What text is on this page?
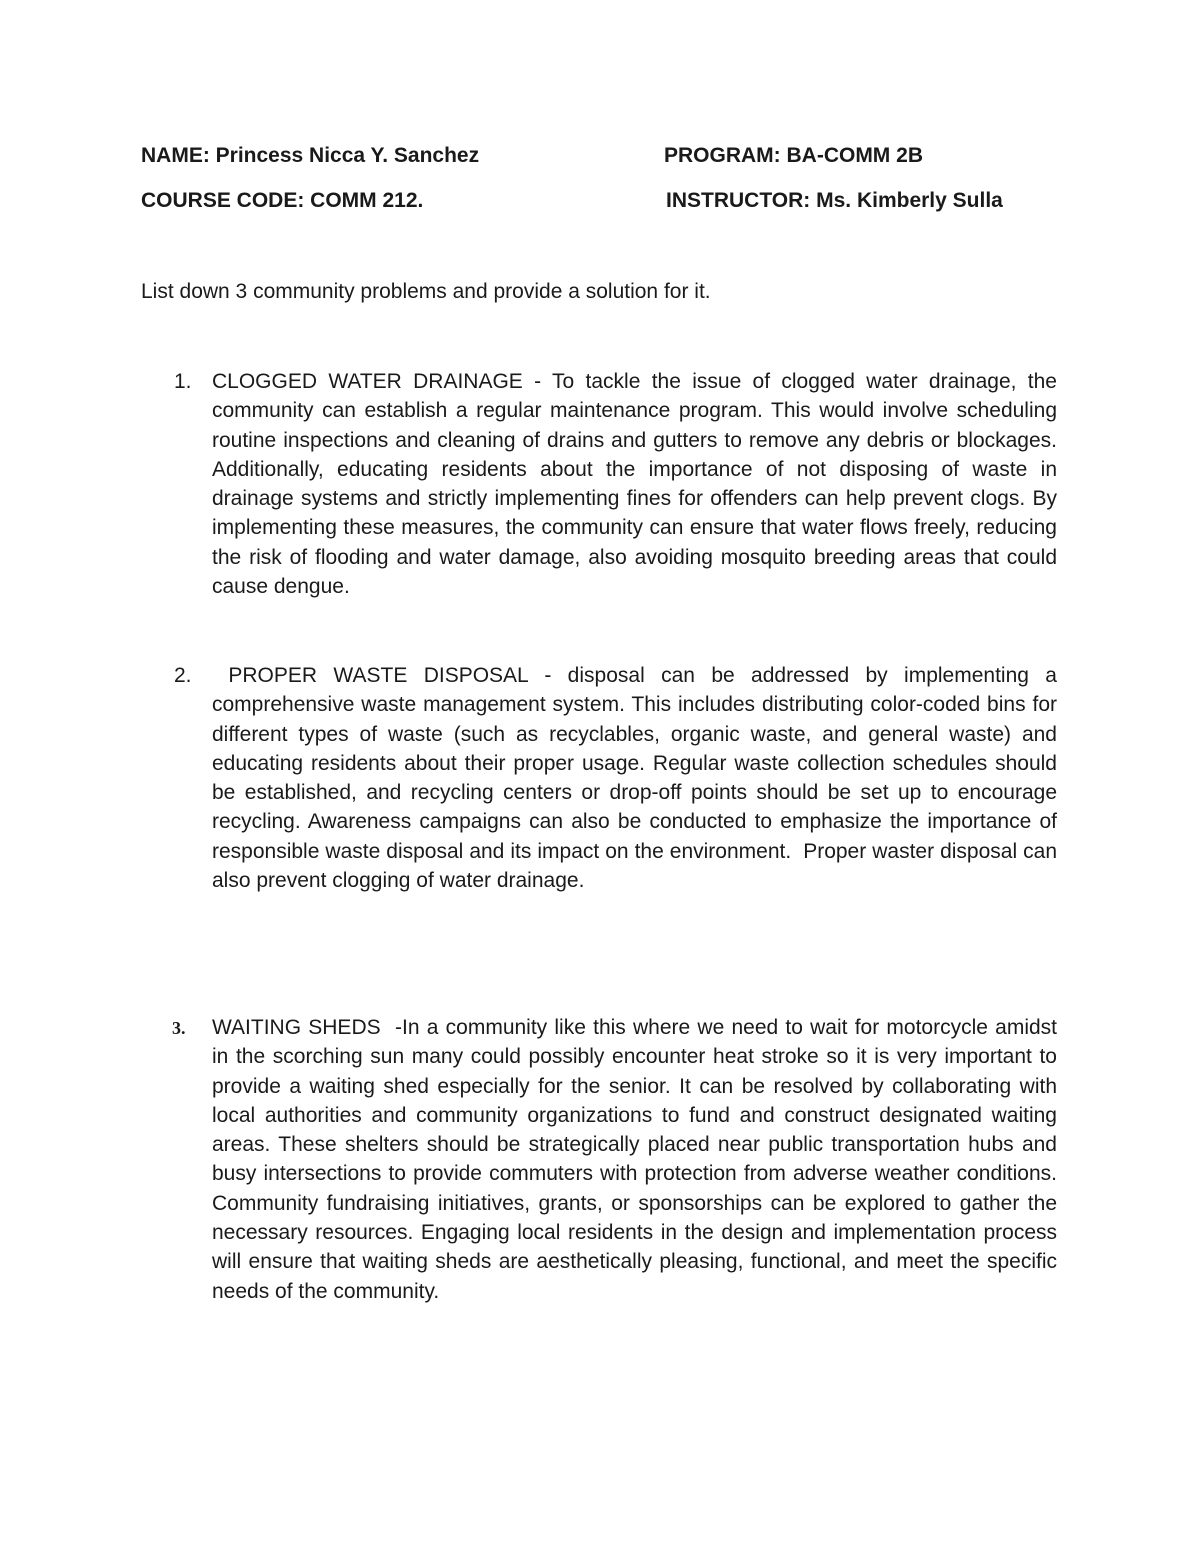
NAME: Princess Nicca Y. Sanchez	PROGRAM: BA-COMM 2B
COURSE CODE: COMM 212.	INSTRUCTOR: Ms. Kimberly Sulla
List down 3 community problems and provide a solution for it.
1. CLOGGED WATER DRAINAGE - To tackle the issue of clogged water drainage, the community can establish a regular maintenance program. This would involve scheduling routine inspections and cleaning of drains and gutters to remove any debris or blockages. Additionally, educating residents about the importance of not disposing of waste in drainage systems and strictly implementing fines for offenders can help prevent clogs. By implementing these measures, the community can ensure that water flows freely, reducing the risk of flooding and water damage, also avoiding mosquito breeding areas that could cause dengue.
2. PROPER WASTE DISPOSAL - disposal can be addressed by implementing a comprehensive waste management system. This includes distributing color-coded bins for different types of waste (such as recyclables, organic waste, and general waste) and educating residents about their proper usage. Regular waste collection schedules should be established, and recycling centers or drop-off points should be set up to encourage recycling. Awareness campaigns can also be conducted to emphasize the importance of responsible waste disposal and its impact on the environment.  Proper waster disposal can also prevent clogging of water drainage.
3. WAITING SHEDS  -In a community like this where we need to wait for motorcycle amidst in the scorching sun many could possibly encounter heat stroke so it is very important to provide a waiting shed especially for the senior. It can be resolved by collaborating with local authorities and community organizations to fund and construct designated waiting areas. These shelters should be strategically placed near public transportation hubs and busy intersections to provide commuters with protection from adverse weather conditions. Community fundraising initiatives, grants, or sponsorships can be explored to gather the necessary resources. Engaging local residents in the design and implementation process will ensure that waiting sheds are aesthetically pleasing, functional, and meet the specific needs of the community.
